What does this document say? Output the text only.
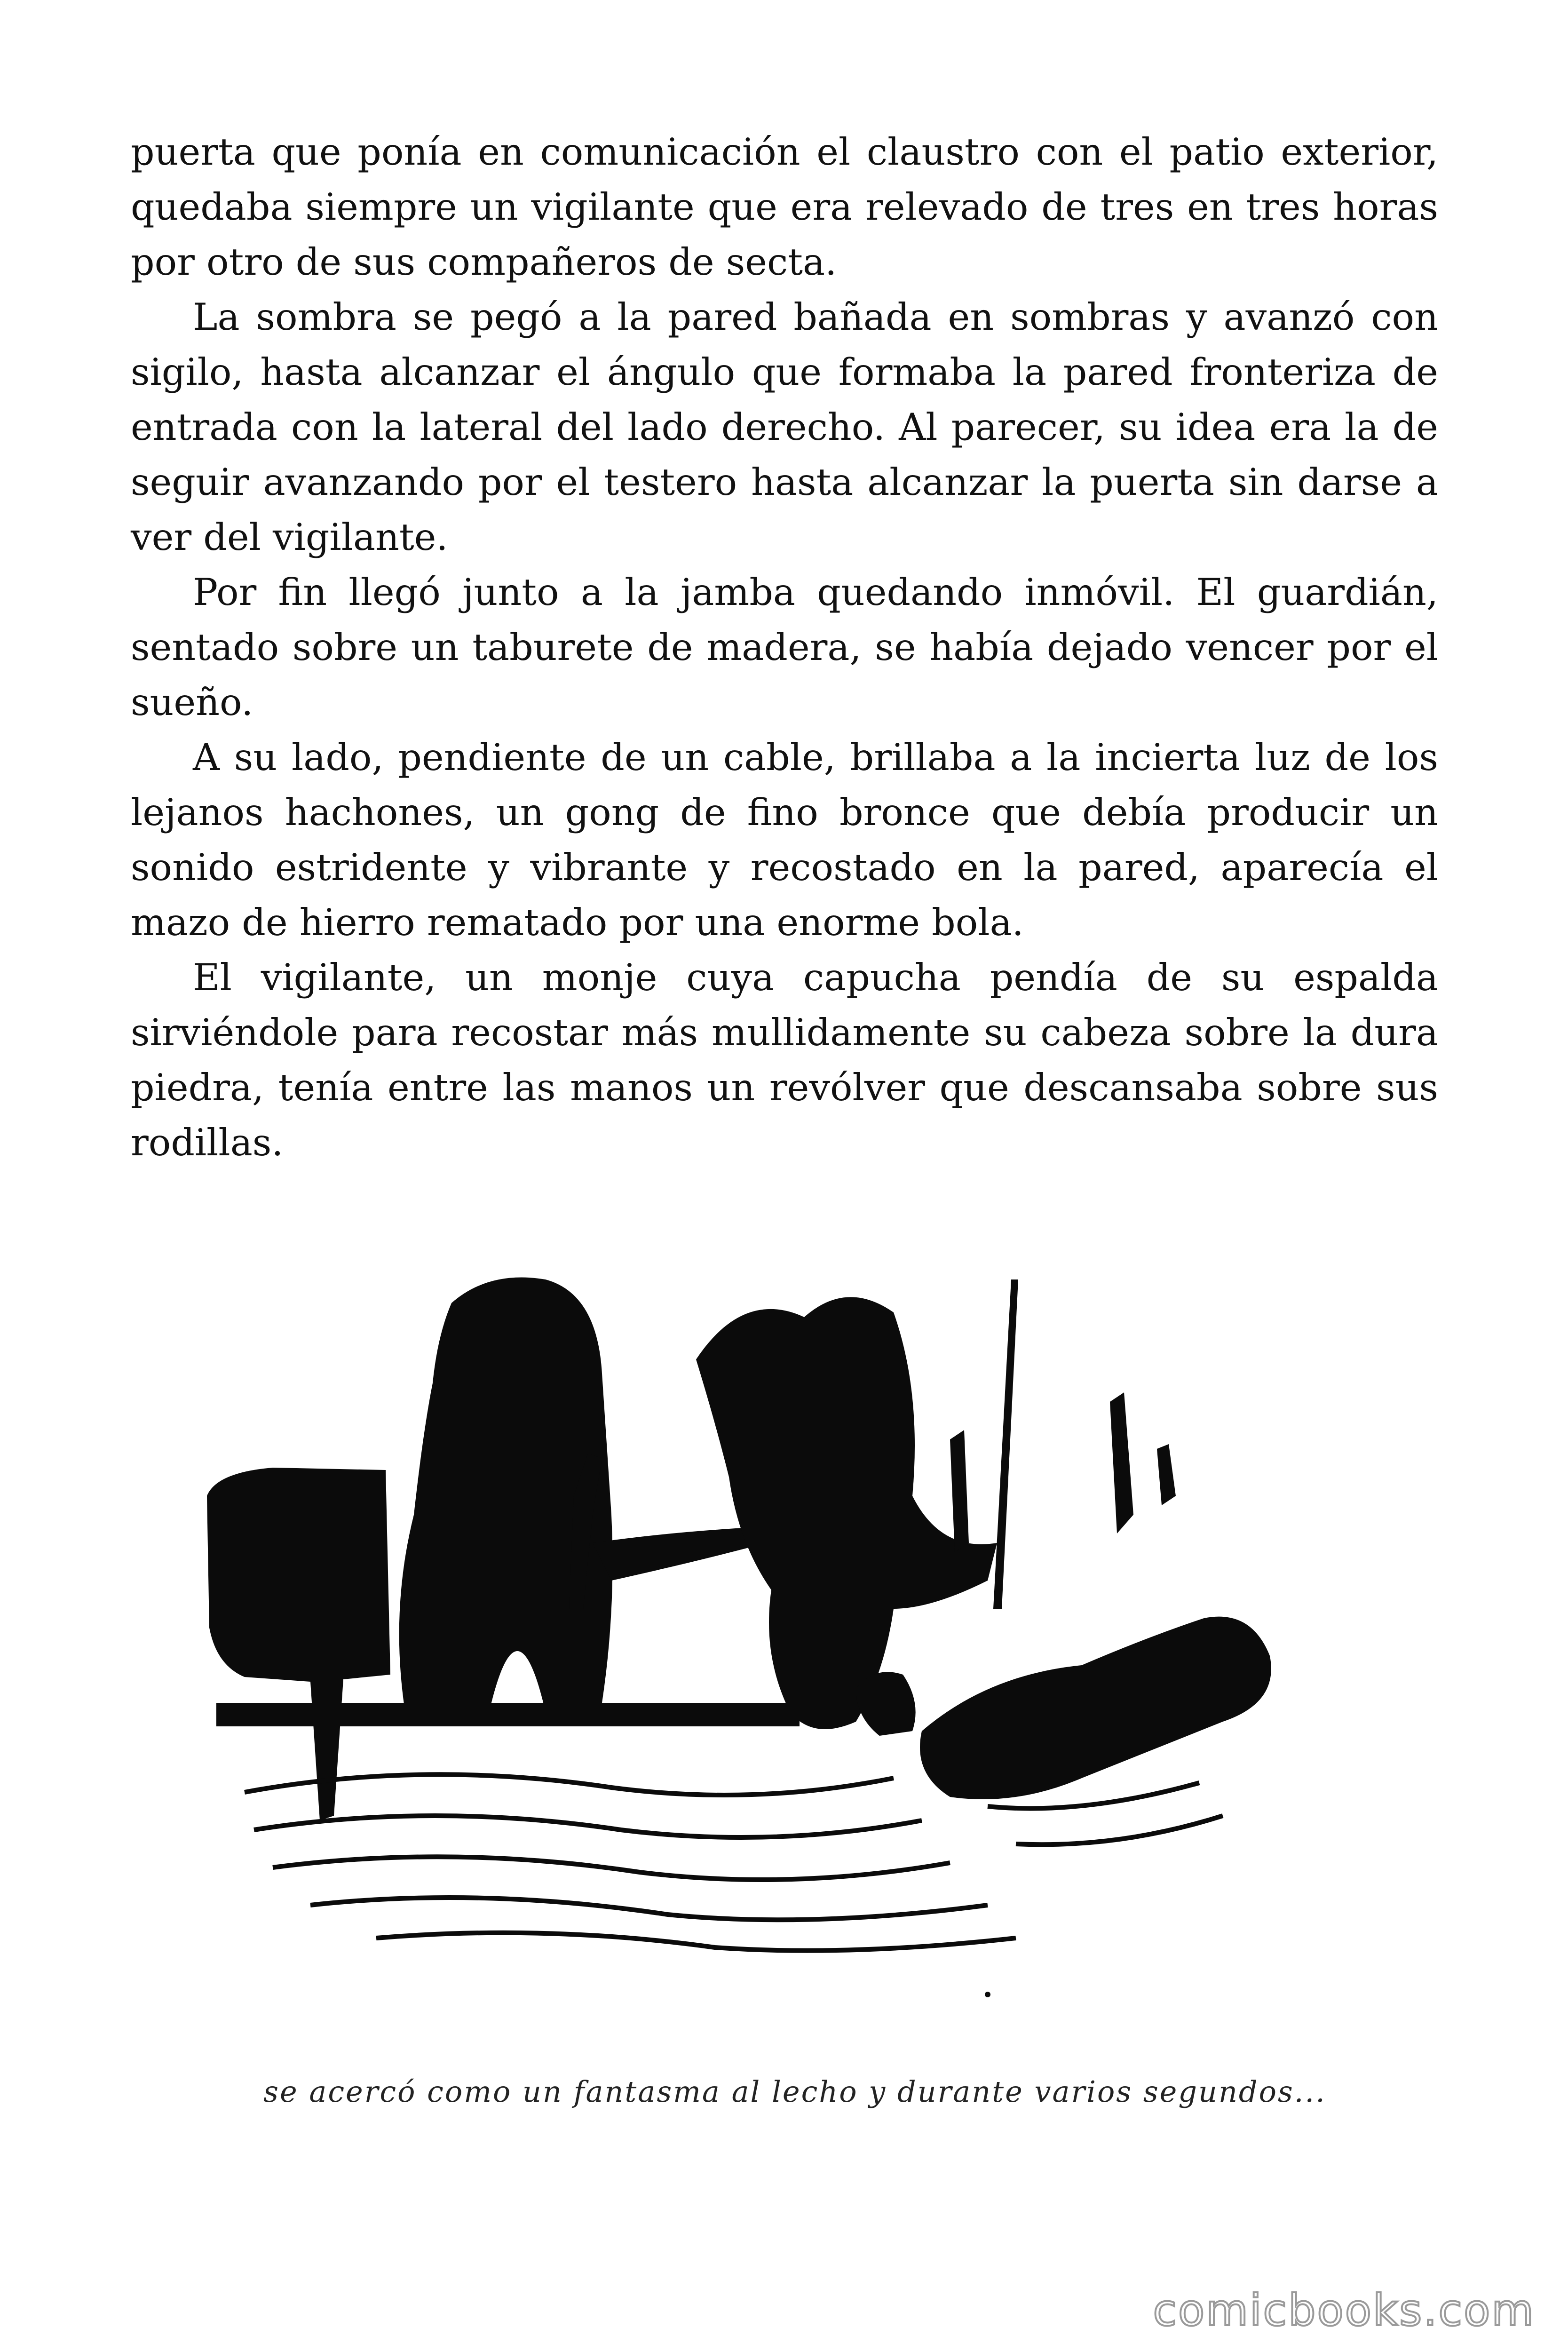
puerta que ponía en comunicación el claustro con el patio exterior, quedaba siempre un vigilante que era relevado de tres en tres horas por otro de sus compañeros de secta.

La sombra se pegó a la pared bañada en sombras y avanzó con sigilo, hasta alcanzar el ángulo que formaba la pared fronteriza de entrada con la lateral del lado derecho. Al parecer, su idea era la de seguir avanzando por el testero hasta alcanzar la puerta sin darse a ver del vigilante.

Por fin llegó junto a la jamba quedando inmóvil. El guardián, sentado sobre un taburete de madera, se había dejado vencer por el sueño.

A su lado, pendiente de un cable, brillaba a la incierta luz de los lejanos hachones, un gong de fino bronce que debía producir un sonido estridente y vibrante y recostado en la pared, aparecía el mazo de hierro rematado por una enorme bola.

El vigilante, un monje cuya capucha pendía de su espalda sirviéndole para recostar más mullidamente su cabeza sobre la dura piedra, tenía entre las manos un revólver que descansaba sobre sus rodillas.

se acercó como un fantasma al lecho y durante varios segundos...
comicbooks.com
